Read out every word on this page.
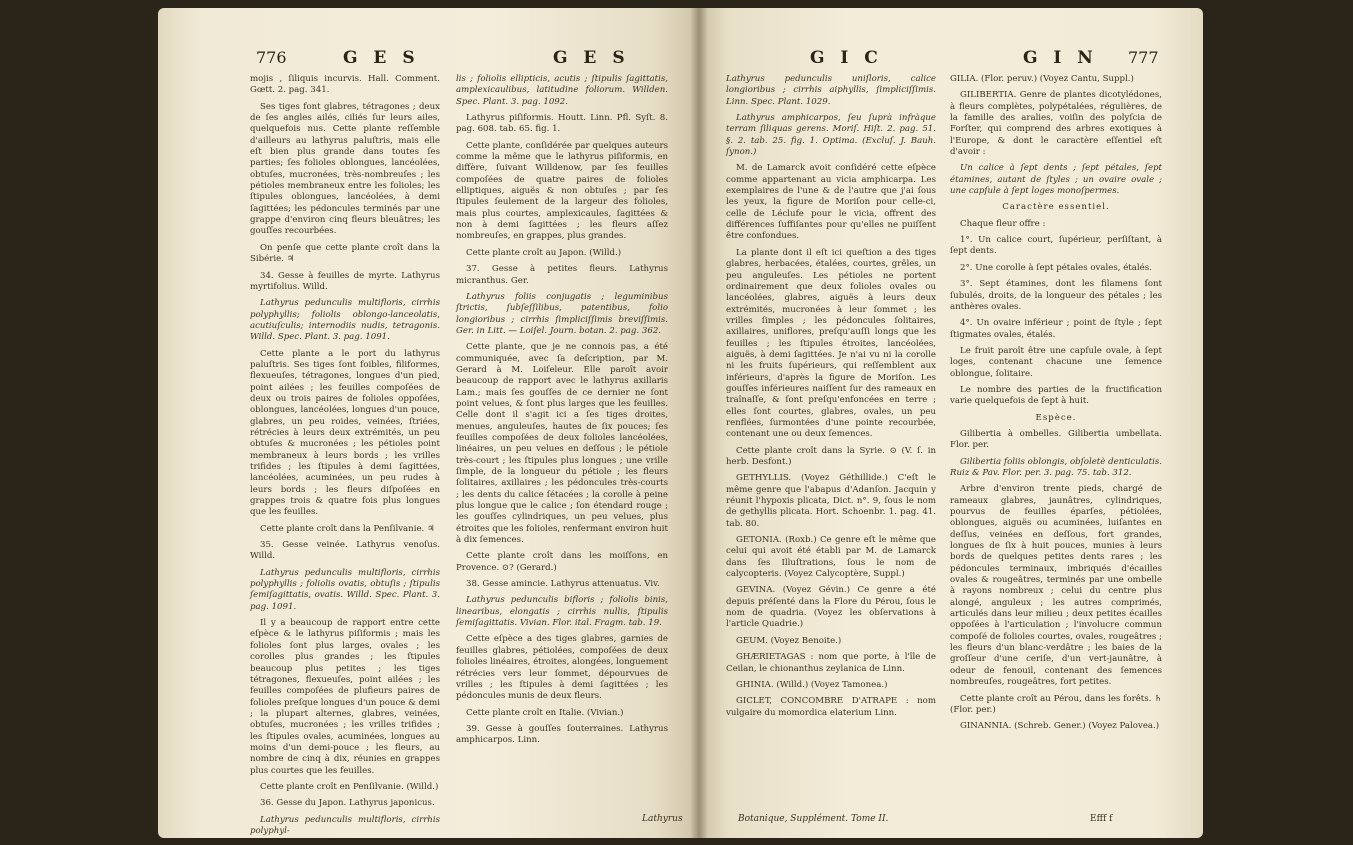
776	G E S	G E S

mojis , ſiliquis incurvis. Hall. Comment. Gœtt. 2. pag. 341.

Ses tiges font glabres, tétragones ; deux de ſes angles ailés, ciliés ſur leurs ailes, quelquefois nus. Cette plante reſſemble d'ailleurs au lathyrus paluſtris, mais elle eſt bien plus grande dans toutes ſes parties; ſes folioles oblongues, lancéolées, obtuſes, mucronées, très-nombreuſes ; les pétioles membraneux entre les folioles; les ſtipules oblongues, lancéolées, à demi ſagittées; les pédoncules terminés par une grappe d'environ cinq fleurs bleuâtres; les gouſſes recourbées.

On penſe que cette plante croît dans la Sibérie. ♃

34. Gesse à feuilles de myrte. Lathyrus myrtifolius. Willd.

Lathyrus pedunculis multifloris, cirrhis polyphyllis; foliolis oblongo-lanceolatis, acutiuſculis; internodiis nudis, tetragonis. Willd. Spec. Plant. 3. pag. 1091.

Cette plante a le port du lathyrus paluſtris. Ses tiges ſont foibles, filiformes, flexueuſes, tétragones, longues d'un pied, point ailées ; les feuilles compoſées de deux ou trois paires de folioles oppoſées, oblongues, lancéolées, longues d'un pouce, glabres, un peu roides, veinées, ſtriées, rétrécies à leurs deux extrémités, un peu obtuſes & mucronées ; les pétioles point membraneux à leurs bords ; les vrilles trifides ; les ſtipules à demi ſagittées, lancéolées, acuminées, un peu rudes à leurs bords ; les fleurs diſpoſées en grappes trois & quatre fois plus longues que les feuilles.

Cette plante croît dans la Penſilvanie. ♃

35. Gesse veinée. Lathyrus venoſus. Willd.

Lathyrus pedunculis multifloris, cirrhis polyphyllis ; foliolis ovatis, obtuſis ; ſtipulis ſemiſagittatis, ovatis. Willd. Spec. Plant. 3. pag. 1091.

Il y a beaucoup de rapport entre cette eſpèce & le lathyrus piſiformis ; mais les folioles ſont plus larges, ovales ; les corolles plus grandes ; les ſtipules beaucoup plus petites ; les tiges tétragones, flexueuſes, point ailées ; les feuilles compoſées de plufieurs paires de folioles preſque longues d'un pouce & demi ; la plupart alternes, glabres, veinées, obtuſes, mucronées ; les vrilles trifides ; les ſtipules ovales, acuminées, longues au moins d'un demi-pouce ; les fleurs, au nombre de cinq à dix, réunies en grappes plus courtes que les feuilles.

Cette plante croît en Penſilvanie. (Willd.)

36. Gesse du Japon. Lathyrus japonicus.

Lathyrus pedunculis multifloris, cirrhis polyphyl-

lis ; foliolis ellipticis, acutis ; ſtipulis ſagittatis, amplexicaulibus, latitudine foliorum. Willden. Spec. Plant. 3. pag. 1092.

Lathyrus piſiformis. Houtt. Linn. Pfl. Syſt. 8. pag. 608. tab. 65. fig. 1.

Cette plante, conſidérée par quelques auteurs comme la même que le lathyrus piſiformis, en diffère, ſuivant Willdenow, par ſes feuilles compoſées de quatre paires de folioles elliptiques, aiguës & non obtuſes ; par ſes ſtipules ſeulement de la largeur des folioles, mais plus courtes, amplexicaules, ſagittées & non à demi ſagittées ; les fleurs aſſez nombreuſes, en grappes, plus grandes.

Cette plante croît au Japon. (Willd.)

37. Gesse à petites fleurs. Lathyrus micranthus. Ger.

Lathyrus foliis conjugatis ; leguminibus ſtrictis, ſubſeſſilibus, patentibus, folio longioribus ; cirrhis ſimpliciſſimis breviſſimis. Ger. in Litt. — Loiſel. Journ. botan. 2. pag. 362.

Cette plante, que je ne connois pas, a été communiquée, avec ſa deſcription, par M. Gerard à M. Loiſeleur. Elle paroît avoir beaucoup de rapport avec le lathyrus axillaris Lam.; mais ſes gouſſes de ce dernier ne ſont point velues, & ſont plus larges que les feuilles. Celle dont il s'agit ici a ſes tiges droites, menues, anguleuſes, hautes de ſix pouces; ſes feuilles compoſées de deux folioles lancéolées, linéaires, un peu velues en deſſous ; le pétiole très-court ; les ſtipules plus longues ; une vrille ſimple, de la longueur du pétiole ; les fleurs ſolitaires, axillaires ; les pédoncules très-courts ; les dents du calice ſétacées ; la corolle à peine plus longue que le calice ; ſon étendard rouge ; les gouſſes cylindriques, un peu velues, plus étroites que les folioles, renfermant environ huit à dix ſemences.

Cette plante croît dans les moiſſons, en Provence. ⊙? (Gerard.)

38. Gesse amincie. Lathyrus attenuatus. Viv.

Lathyrus pedunculis bifloris ; foliolis binis, linearibus, elongatis ; cirrhis nullis, ſtipulis ſemiſagittatis. Vivian. Flor. ital. Fragm. tab. 19.

Cette eſpèce a des tiges glabres, garnies de feuilles glabres, pétiolées, compoſées de deux folioles linéaires, étroites, alongées, longuement rétrécies vers leur ſommet, dépourvues de vrilles ; les ſtipules à demi ſagittées ; les pédoncules munis de deux fleurs.

Cette plante croît en Italie. (Vivian.)

39. Gesse à gouſſes ſouterraines. Lathyrus amphicarpos. Linn.

Lathyrus
G I C	G I N 777

Lathyrus pedunculis uniſloris, calice longioribus ; cirrhis aiphyllis, ſimpliciſſimis. Linn. Spec. Plant. 1029.

Lathyrus amphicarpos, ſeu ſuprà infràque terram ſiliquas gerens. Moriſ. Hiſt. 2. pag. 51. §. 2. tab. 25. fig. 1. Optima. (Excluſ. J. Bauh. ſynon.)

M. de Lamarck avoit conſidéré cette eſpèce comme appartenant au vicia amphicarpa. Les exemplaires de l'une & de l'autre que j'ai ſous les yeux, la figure de Moriſon pour celle-ci, celle de Léclufe pour le vicia, offrent des différences ſuffiſantes pour qu'elles ne puiſſent être confondues.

La plante dont il eſt ici queſtion a des tiges glabres, herbacées, étalées, courtes, grêles, un peu anguleuſes. Les pétioles ne portent ordinairement que deux folioles ovales ou lancéolées, glabres, aiguës à leurs deux extrémités, mucronées à leur ſommet ; les vrilles ſimples ; les pédoncules ſolitaires, axillaires, uniflores, preſqu'auſſi longs que les feuilles ; les ſtipules étroites, lancéolées, aiguës, à demi ſagittées. Je n'ai vu ni la corolle ni les fruits ſupérieurs, qui reſſemblent aux inférieurs, d'après la figure de Moriſon. Les gouſſes inférieures naiſſent ſur des rameaux en traînaſſe, & ſont preſqu'enfoncées en terre ; elles ſont courtes, glabres, ovales, un peu renflées, ſurmontées d'une pointe recourbée, contenant une ou deux ſemences.

Cette plante croît dans la Syrie. ⊙ (V. ſ. in herb. Desfont.)

GETHYLLIS. (Voyez Géthillide.) C'eſt le même genre que l'abapus d'Adanſon. Jacquin y réunit l'hypoxis plicata, Dict. n°. 9, ſous le nom de gethyllis plicata. Hort. Schoenbr. 1. pag. 41. tab. 80.

GETONIA. (Roxb.) Ce genre eſt le même que celui qui avoit été établi par M. de Lamarck dans ſes Illuſtrations, ſous le nom de calycopteris. (Voyez Calycoptère, Suppl.)

GEVINA. (Voyez Gévin.) Ce genre a été depuis préſenté dans la Flore du Pérou, ſous le nom de quadria. (Voyez les obſervations à l'article Quadrie.)

GEUM. (Voyez Benoite.)

GHÆRIETAGAS : nom que porte, à l'île de Ceilan, le chionanthus zeylanica de Linn.

GHINIA. (Willd.) (Voyez Tamonea.)

GICLET, CONCOMBRE D'ATRAPE : nom vulgaire du momordica elaterium Linn.

GILIA. (Flor. peruv.) (Voyez Cantu, Suppl.)

GILIBERTIA. Genre de plantes dicotylédones, à fleurs complètes, polypétalées, régulières, de la famille des aralies, voiſin des polyſcia de Forſter, qui comprend des arbres exotiques à l'Europe, & dont le caractère eſſentiel eſt d'avoir :

Un calice à ſept dents ; ſept pétales, ſept étamines, autant de ſtyles ; un ovaire ovale ; une capſule à ſept loges monoſpermes.

Caractère essentiel.

Chaque fleur offre :

1°. Un calice court, ſupérieur, perſiſtant, à ſept dents.

2°. Une corolle à ſept pétales ovales, étalés.

3°. Sept étamines, dont les filamens ſont ſubulés, droits, de la longueur des pétales ; les anthères ovales.

4°. Un ovaire inférieur ; point de ſtyle ; ſept ſtigmates ovales, étalés.

Le fruit paroît être une capſule ovale, à ſept loges, contenant chacune une ſemence oblongue, ſolitaire.

Le nombre des parties de la fructification varie quelquefois de ſept à huit.

Espèce.

Gilibertia à ombelles. Gilibertia umbellata. Flor. per.

Gilibertia foliis oblongis, obſoletè denticulatis. Ruiz & Pav. Flor. per. 3. pag. 75. tab. 312.

Arbre d'environ trente pieds, chargé de rameaux glabres, jaunâtres, cylindriques, pourvus de feuilles éparſes, pétiolées, oblongues, aiguës ou acuminées, luiſantes en deſſus, veinées en deſſous, fort grandes, longues de ſix à huit pouces, munies à leurs bords de quelques petites dents rares ; les pédoncules terminaux, imbriqués d'écailles ovales & rougeâtres, terminés par une ombelle à rayons nombreux ; celui du centre plus alongé, anguleux ; les autres comprimés, articulés dans leur milieu ; deux petites écailles oppoſées à l'articulation ; l'involucre commun compoſé de folioles courtes, ovales, rougeâtres ; les fleurs d'un blanc-verdâtre ; les baies de la groſſeur d'une ceriſe, d'un vert-jaunâtre, à odeur de fenouil, contenant des ſemences nombreuſes, rougeâtres, fort petites.

Cette plante croît au Pérou, dans les forêts. ♄ (Flor. per.)

GINANNIA. (Schreb. Gener.) (Voyez Paloveа.)

Botanique, Supplément. Tome II.	Efff f
